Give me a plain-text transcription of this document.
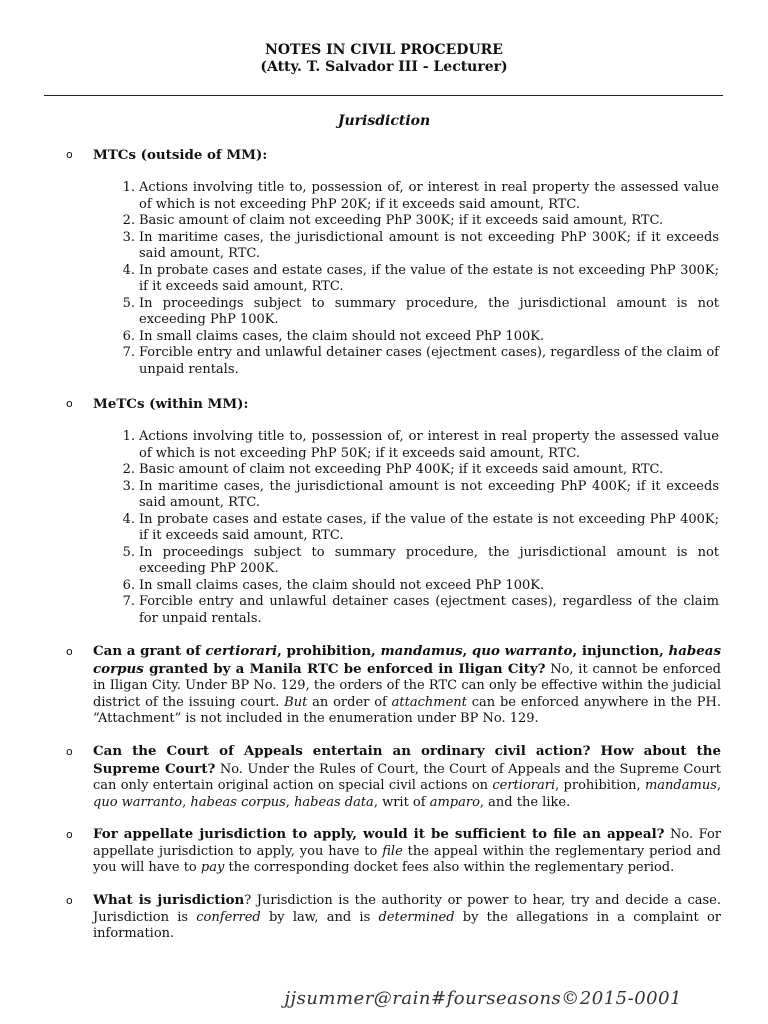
NOTES IN CIVIL PROCEDURE
(Atty. T. Salvador III - Lecturer)
Jurisdiction
o MTCs (outside of MM):
1. Actions involving title to, possession of, or interest in real property the assessed value of which is not exceeding PhP 20K; if it exceeds said amount, RTC.
2. Basic amount of claim not exceeding PhP 300K; if it exceeds said amount, RTC.
3. In maritime cases, the jurisdictional amount is not exceeding PhP 300K; if it exceeds said amount, RTC.
4. In probate cases and estate cases, if the value of the estate is not exceeding PhP 300K; if it exceeds said amount, RTC.
5. In proceedings subject to summary procedure, the jurisdictional amount is not exceeding PhP 100K.
6. In small claims cases, the claim should not exceed PhP 100K.
7. Forcible entry and unlawful detainer cases (ejectment cases), regardless of the claim of unpaid rentals.
o MeTCs (within MM):
1. Actions involving title to, possession of, or interest in real property the assessed value of which is not exceeding PhP 50K; if it exceeds said amount, RTC.
2. Basic amount of claim not exceeding PhP 400K; if it exceeds said amount, RTC.
3. In maritime cases, the jurisdictional amount is not exceeding PhP 400K; if it exceeds said amount, RTC.
4. In probate cases and estate cases, if the value of the estate is not exceeding PhP 400K; if it exceeds said amount, RTC.
5. In proceedings subject to summary procedure, the jurisdictional amount is not exceeding PhP 200K.
6. In small claims cases, the claim should not exceed PhP 100K.
7. Forcible entry and unlawful detainer cases (ejectment cases), regardless of the claim for unpaid rentals.
o Can a grant of certiorari, prohibition, mandamus, quo warranto, injunction, habeas corpus granted by a Manila RTC be enforced in Iligan City? No, it cannot be enforced in Iligan City. Under BP No. 129, the orders of the RTC can only be effective within the judicial district of the issuing court. But an order of attachment can be enforced anywhere in the PH. “Attachment” is not included in the enumeration under BP No. 129.
o Can the Court of Appeals entertain an ordinary civil action? How about the Supreme Court? No. Under the Rules of Court, the Court of Appeals and the Supreme Court can only entertain original action on special civil actions on certiorari, prohibition, mandamus, quo warranto, habeas corpus, habeas data, writ of amparo, and the like.
o For appellate jurisdiction to apply, would it be sufficient to file an appeal? No. For appellate jurisdiction to apply, you have to file the appeal within the reglementary period and you will have to pay the corresponding docket fees also within the reglementary period.
o What is jurisdiction? Jurisdiction is the authority or power to hear, try and decide a case. Jurisdiction is conferred by law, and is determined by the allegations in a complaint or information.
jjsummer@rain#fourseasons©2015-0001
